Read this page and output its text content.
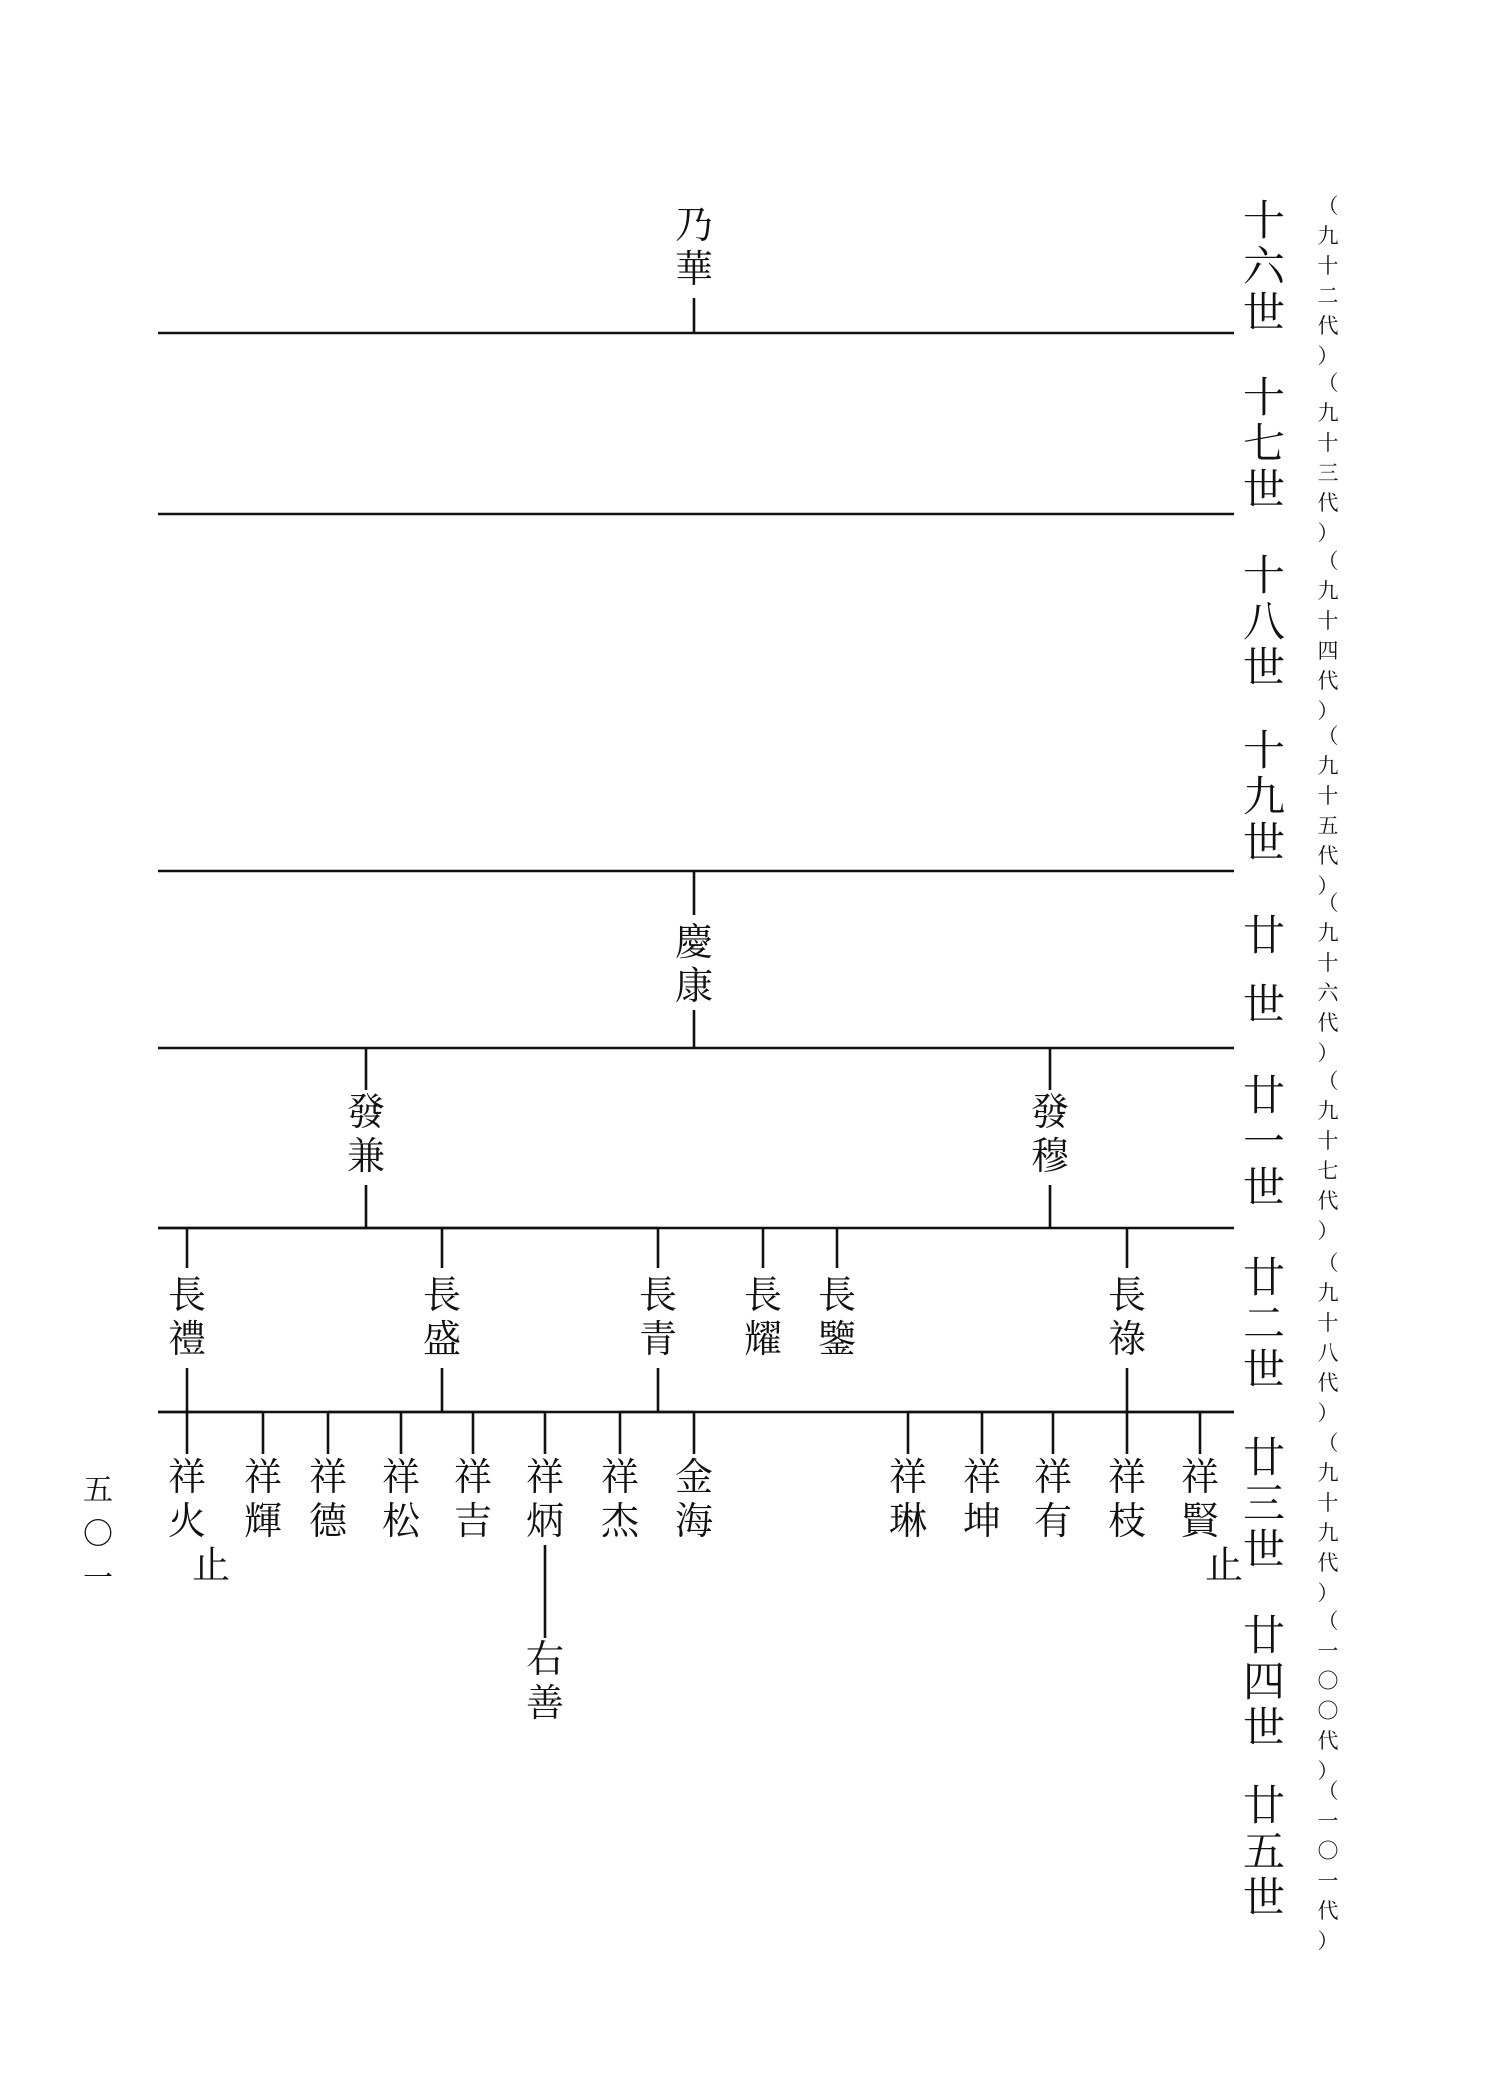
乃華
慶康
發兼
發穆
長禮
長盛
長青
長耀
長鑒
長祿
祥火
止
祥輝
祥德
祥松
祥吉
祥炳
祥杰
金海
祥琳
祥坤
祥有
祥枝
祥賢
止
右善
十六世
（九十二代）
十七世
（九十三代）
十八世
（九十四代）
十九世
（九十五代）
廿世
（九十六代）
廿一世
（九十七代）
廿二世
（九十八代）
廿三世
（九十九代）
廿四世
（一〇〇代）
廿五世
（一〇一代）
五〇一
